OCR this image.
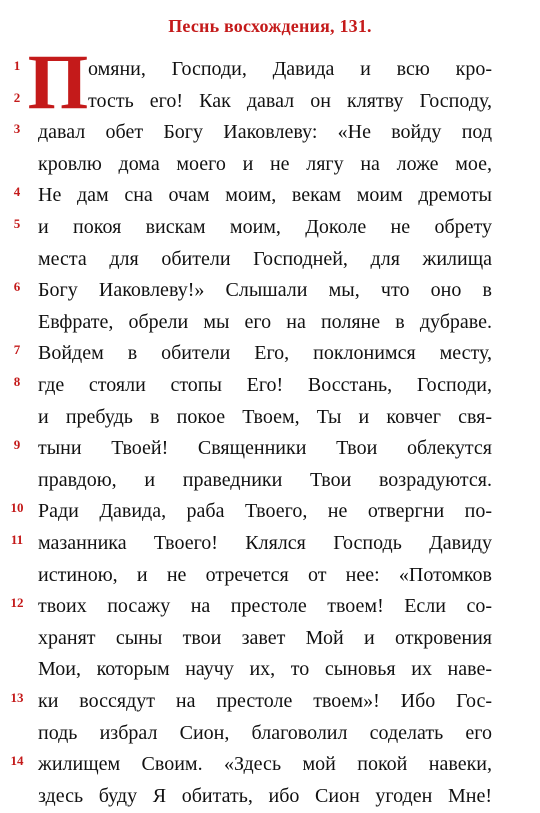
Песнь восхождения, 131.
П
1	омяни, Господи, Давида и всю кро-
2	тость его! Как давал он клятву Господу,
3 давал обет Богу Иаковлеву: «Не войду под
кровлю дома моего и не лягу на ложе мое,
4 Не дам сна очам моим, векам моим дремоты
5 и покоя вискам моим, Доколе не обрету
места для обители Господней, для жилища
6 Богу Иаковлеву!» Слышали мы, что оно в
Евфрате, обрели мы его на поляне в дубраве.
7 Войдем в обители Его, поклонимся месту,
8 где стояли стопы Его! Восстань, Господи,
и пребудь в покое Твоем, Ты и ковчег свя-
9 тыни Твоей! Священники Твои облекутся
правдою, и праведники Твои возрадуются.
10 Ради Давида, раба Твоего, не отвергни по-
11 мазанника Твоего! Клялся Господь Давиду
истиною, и не отречется от нее: «Потомков
12 твоих посажу на престоле твоем! Если со-
хранят сыны твои завет Мой и откровения
Мои, которым научу их, то сыновья их наве-
13 ки воссядут на престоле твоем»! Ибо Гос-
подь избрал Сион, благоволил соделать его
14 жилищем Своим. «Здесь мой покой навеки,
здесь буду Я обитать, ибо Сион угоден Мне!
